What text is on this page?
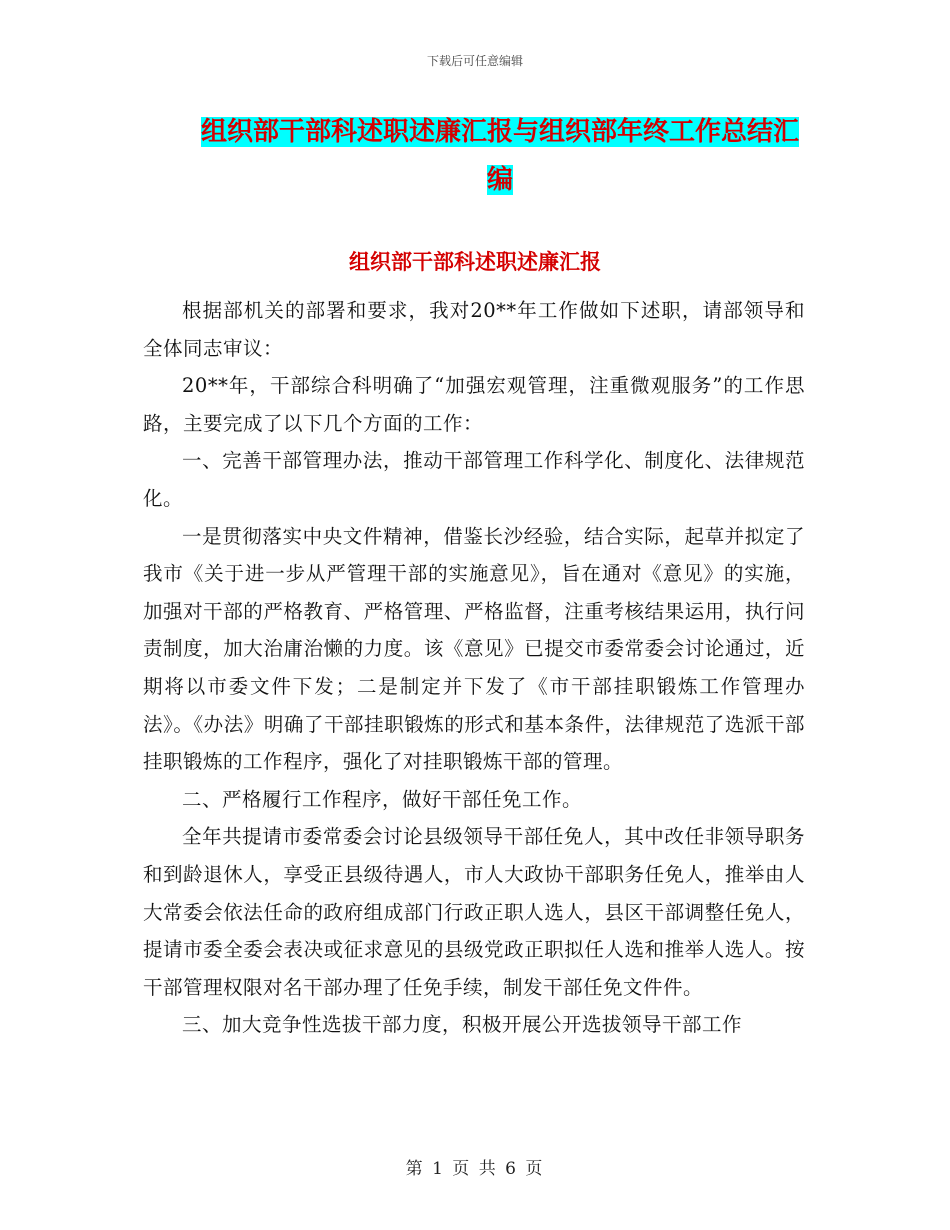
下载后可任意编辑
组织部干部科述职述廉汇报与组织部年终工作总结汇编
组织部干部科述职述廉汇报

根据部机关的部署和要求，我对20**年工作做如下述职，请部领导和全体同志审议：

20**年，干部综合科明确了“加强宏观管理，注重微观服务”的工作思路，主要完成了以下几个方面的工作：

一、完善干部管理办法，推动干部管理工作科学化、制度化、法律规范化。

一是贯彻落实中央文件精神，借鉴长沙经验，结合实际，起草并拟定了我市《关于进一步从严管理干部的实施意见》，旨在通对《意见》的实施，加强对干部的严格教育、严格管理、严格监督，注重考核结果运用，执行问责制度，加大治庸治懒的力度。该《意见》已提交市委常委会讨论通过，近期将以市委文件下发；二是制定并下发了《市干部挂职锻炼工作管理办法》。《办法》明确了干部挂职锻炼的形式和基本条件，法律规范了选派干部挂职锻炼的工作程序，强化了对挂职锻炼干部的管理。

二、严格履行工作程序，做好干部任免工作。

全年共提请市委常委会讨论县级领导干部任免人，其中改任非领导职务和到龄退休人，享受正县级待遇人，市人大政协干部职务任免人，推举由人大常委会依法任命的政府组成部门行政正职人选人，县区干部调整任免人，提请市委全委会表决或征求意见的县级党政正职拟任人选和推举人选人。按干部管理权限对名干部办理了任免手续，制发干部任免文件件。

三、加大竞争性选拔干部力度，积极开展公开选拔领导干部工作

第 1 页 共 6 页
